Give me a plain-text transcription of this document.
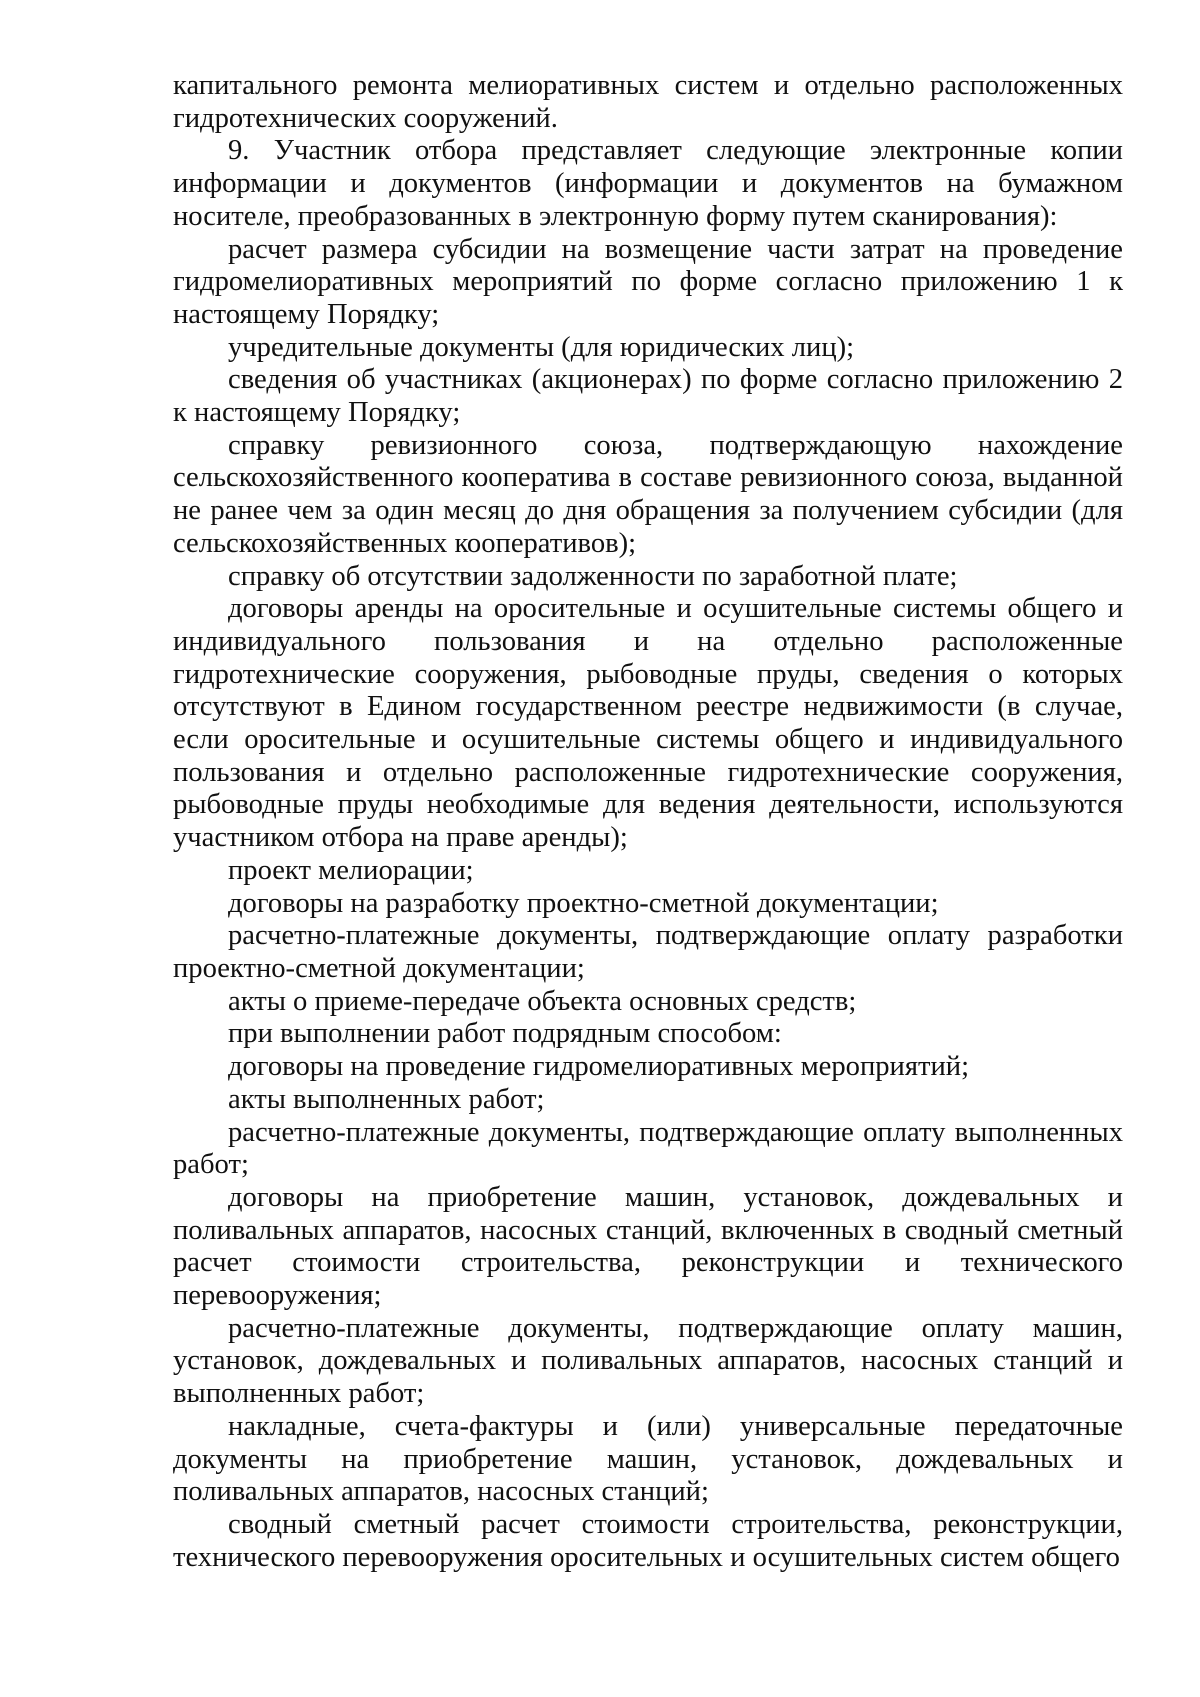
капитального ремонта мелиоративных систем и отдельно расположенных гидротехнических сооружений.

9. Участник отбора представляет следующие электронные копии информации и документов (информации и документов на бумажном носителе, преобразованных в электронную форму путем сканирования):

расчет размера субсидии на возмещение части затрат на проведение гидромелиоративных мероприятий по форме согласно приложению 1 к настоящему Порядку;

учредительные документы (для юридических лиц);

сведения об участниках (акционерах) по форме согласно приложению 2 к настоящему Порядку;

справку ревизионного союза, подтверждающую нахождение сельскохозяйственного кооператива в составе ревизионного союза, выданной не ранее чем за один месяц до дня обращения за получением субсидии (для сельскохозяйственных кооперативов);

справку об отсутствии задолженности по заработной плате;

договоры аренды на оросительные и осушительные системы общего и индивидуального пользования и на отдельно расположенные гидротехнические сооружения, рыбоводные пруды, сведения о которых отсутствуют в Едином государственном реестре недвижимости (в случае, если оросительные и осушительные системы общего и индивидуального пользования и отдельно расположенные гидротехнические сооружения, рыбоводные пруды необходимые для ведения деятельности, используются участником отбора на праве аренды);

проект мелиорации;

договоры на разработку проектно-сметной документации;

расчетно-платежные документы, подтверждающие оплату разработки проектно-сметной документации;

акты о приеме-передаче объекта основных средств;

при выполнении работ подрядным способом:

договоры на проведение гидромелиоративных мероприятий;

акты выполненных работ;

расчетно-платежные документы, подтверждающие оплату выполненных работ;

договоры на приобретение машин, установок, дождевальных и поливальных аппаратов, насосных станций, включенных в сводный сметный расчет стоимости строительства, реконструкции и технического перевооружения;

расчетно-платежные документы, подтверждающие оплату машин, установок, дождевальных и поливальных аппаратов, насосных станций и выполненных работ;

накладные, счета-фактуры и (или) универсальные передаточные документы на приобретение машин, установок, дождевальных и поливальных аппаратов, насосных станций;

сводный сметный расчет стоимости строительства, реконструкции, технического перевооружения оросительных и осушительных систем общего
